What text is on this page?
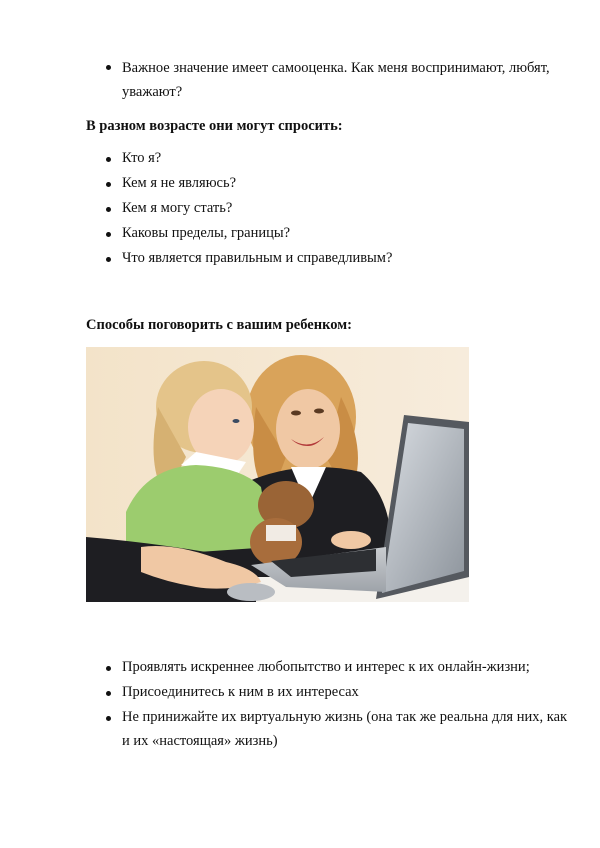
Важное значение имеет самооценка. Как меня воспринимают, любят,
уважают?
В разном возрасте они могут спросить:
Кто я?
Кем я не являюсь?
Кем я могу стать?
Каковы пределы, границы?
Что является правильным и справедливым?
Способы поговорить с вашим ребенком:
Проявлять искреннее любопытство и интерес к их онлайн-жизни;
Присоединитесь к ним в их интересах
Не принижайте их виртуальную жизнь (она так же реальна для них, как
и их «настоящая» жизнь)
